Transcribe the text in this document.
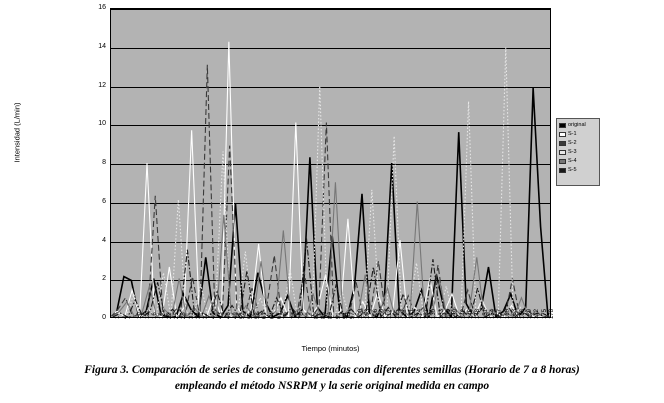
Intensidad (L/min)
0
2
4
6
8
10
12
14
16
1 4 7 10 13 16 19 22 25 28 31 34 37 40 43 46 49 52 55 58 61 64 67 70 73 76 79 82 85 88 91 94 97 100 103 106 109 112 115 118 121 124 127 130 133 136 139 142 145 148 151 154 157 160 163 166 169 172 175 178
Tiempo (minutos)
original
S-1
S-2
S-3
S-4
S-5
Figura 3. Comparación de series de consumo generadas con diferentes semillas (Horario de 7 a 8 horas)
empleando el método NSRPM y la serie original medida en campo
